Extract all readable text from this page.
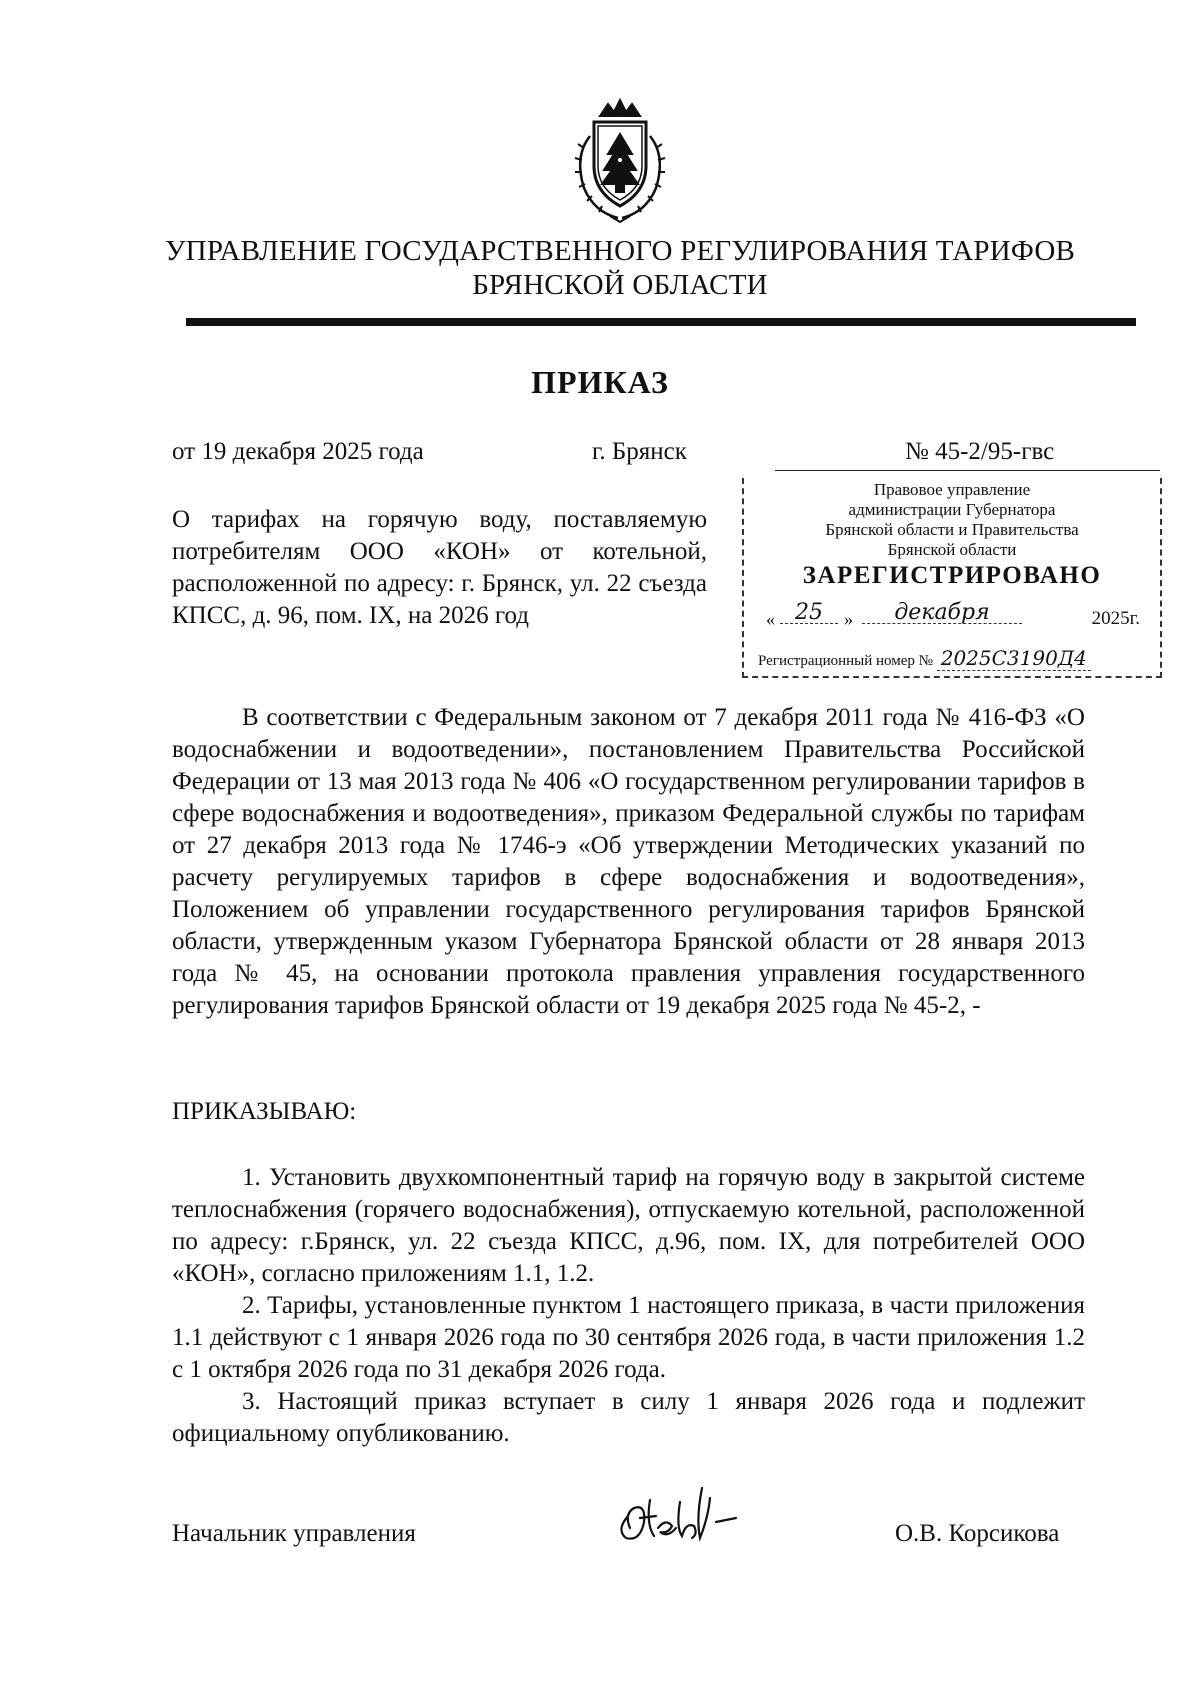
УПРАВЛЕНИЕ ГОСУДАРСТВЕННОГО РЕГУЛИРОВАНИЯ ТАРИФОВ
БРЯНСКОЙ ОБЛАСТИ
ПРИКАЗ
от 19 декабря 2025 года	г. Брянск	№ 45-2/95-гвс
О тарифах на горячую воду, поставляемую потребителям ООО «КОН» от котельной, расположенной по адресу: г. Брянск, ул. 22 съезда КПСС, д. 96, пом. IX, на 2026 год
Правовое управление
администрации Губернатора
Брянской области и Правительства
Брянской области
ЗАРЕГИСТРИРОВАНО
« 25	»	декабря	2025г.
Регистрационный номер № 2025С3190Д4
В соответствии с Федеральным законом от 7 декабря 2011 года № 416-ФЗ «О водоснабжении и водоотведении», постановлением Правительства Российской Федерации от 13 мая 2013 года № 406 «О государственном регулировании тарифов в сфере водоснабжения и водоотведения», приказом Федеральной службы по тарифам от 27 декабря 2013 года № 1746-э «Об утверждении Методических указаний по расчету регулируемых тарифов в сфере водоснабжения и водоотведения», Положением об управлении государственного регулирования тарифов Брянской области, утвержденным указом Губернатора Брянской области от 28 января 2013 года № 45, на основании протокола правления управления государственного регулирования тарифов Брянской области от 19 декабря 2025 года № 45-2, -
ПРИКАЗЫВАЮ:
1. Установить двухкомпонентный тариф на горячую воду в закрытой системе теплоснабжения (горячего водоснабжения), отпускаемую котельной, расположенной по адресу: г.Брянск, ул. 22 съезда КПСС, д.96, пом. IX, для потребителей ООО «КОН», согласно приложениям 1.1, 1.2.
2. Тарифы, установленные пунктом 1 настоящего приказа, в части приложения 1.1 действуют с 1 января 2026 года по 30 сентября 2026 года, в части приложения 1.2 с 1 октября 2026 года по 31 декабря 2026 года.
3. Настоящий приказ вступает в силу 1 января 2026 года и подлежит официальному опубликованию.
Начальник управления	О.В. Корсикова
